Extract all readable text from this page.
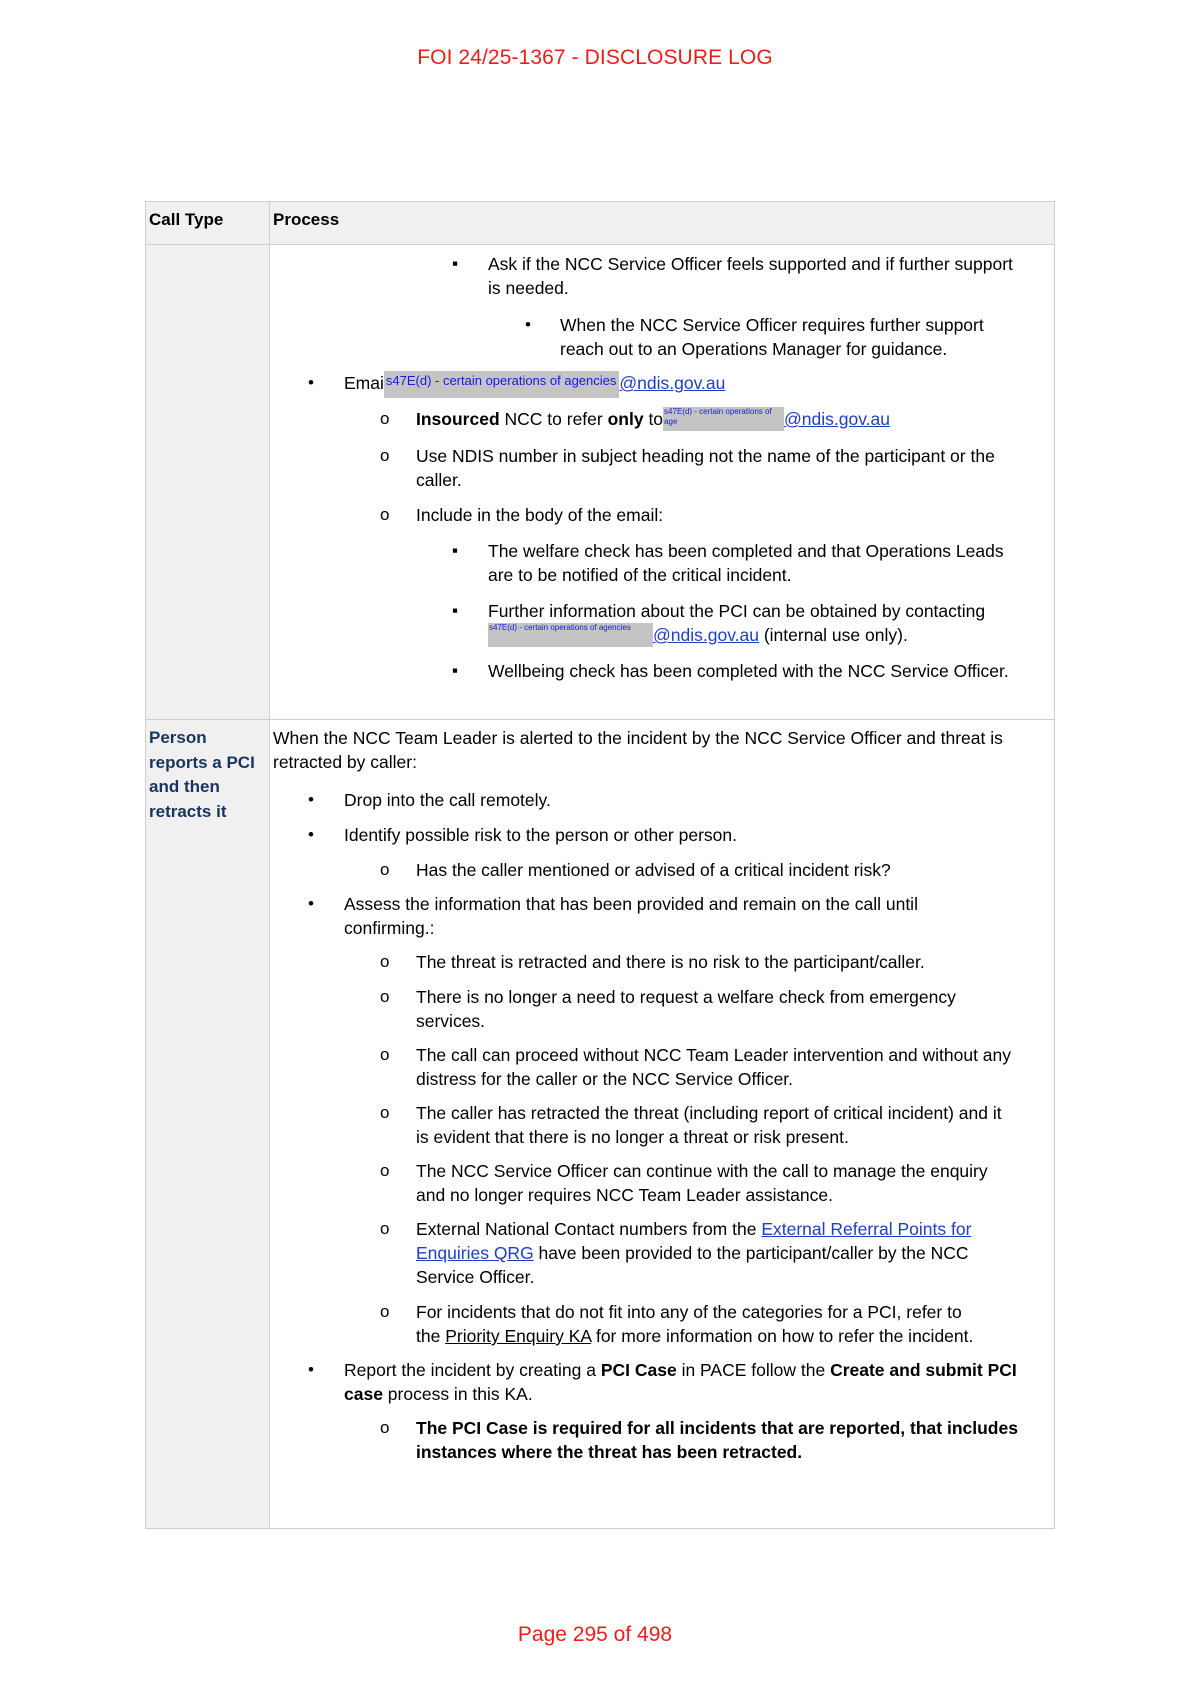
FOI 24/25-1367 - DISCLOSURE LOG
Call Type	Process
▪ Ask if the NCC Service Officer feels supported and if further support
is needed.
• When the NCC Service Officer requires further support
reach out to an Operations Manager for guidance.
• Emai s47E(d) - certain operations of agencies @ndis.gov.au
o Insourced NCC to refer only tos47E(d) - certain operations of age	@ndis.gov.au
o Use NDIS number in subject heading not the name of the participant or the
caller.
o Include in the body of the email:
▪ The welfare check has been completed and that Operations Leads
are to be notified of the critical incident.
▪ Further information about the PCI can be obtained by contacting
s47E(d) - certain operations of agencies @ndis.gov.au (internal use only).
▪ Wellbeing check has been completed with the NCC Service Officer.
Person
reports a PCI
and then
retracts it
When the NCC Team Leader is alerted to the incident by the NCC Service Officer and threat is
retracted by caller:
• Drop into the call remotely.
• Identify possible risk to the person or other person.
o Has the caller mentioned or advised of a critical incident risk?
• Assess the information that has been provided and remain on the call until
confirming.:
o The threat is retracted and there is no risk to the participant/caller.
o There is no longer a need to request a welfare check from emergency
services.
o The call can proceed without NCC Team Leader intervention and without any
distress for the caller or the NCC Service Officer.
o The caller has retracted the threat (including report of critical incident) and it
is evident that there is no longer a threat or risk present.
o The NCC Service Officer can continue with the call to manage the enquiry
and no longer requires NCC Team Leader assistance.
o External National Contact numbers from the External Referral Points for
Enquiries QRG have been provided to the participant/caller by the NCC
Service Officer.
o For incidents that do not fit into any of the categories for a PCI, refer to
the Priority Enquiry KA for more information on how to refer the incident.
• Report the incident by creating a PCI Case in PACE follow the Create and submit PCI
case process in this KA.
o The PCI Case is required for all incidents that are reported, that includes
instances where the threat has been retracted.
Page 295 of 498
